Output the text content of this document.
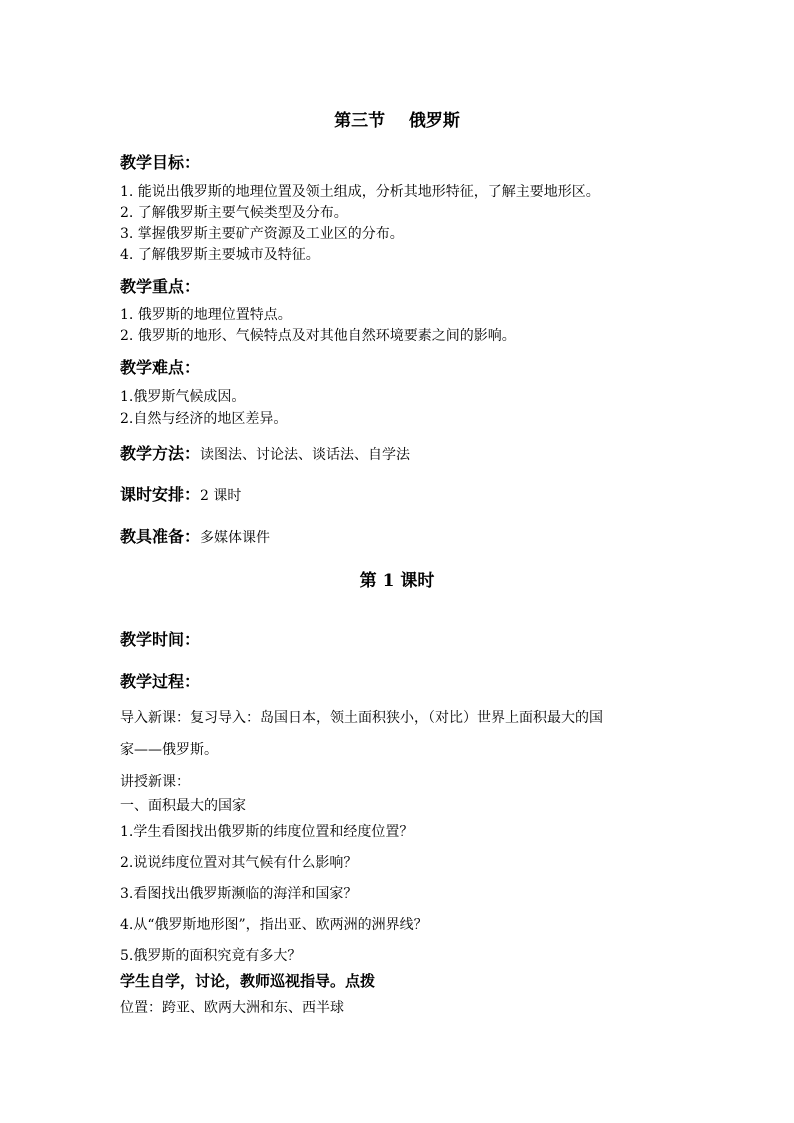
第三节 俄罗斯
教学目标：
1. 能说出俄罗斯的地理位置及领土组成，分析其地形特征，了解主要地形区。
2. 了解俄罗斯主要气候类型及分布。
3. 掌握俄罗斯主要矿产资源及工业区的分布。
4. 了解俄罗斯主要城市及特征。
教学重点：
1. 俄罗斯的地理位置特点。
2. 俄罗斯的地形、气候特点及对其他自然环境要素之间的影响。
教学难点：
1.俄罗斯气候成因。
2.自然与经济的地区差异。
教学方法：读图法、讨论法、谈话法、自学法
课时安排：2 课时
教具准备：多媒体课件
第 1 课时
教学时间：
教学过程：
导入新课：复习导入：岛国日本，领土面积狭小，（对比）世界上面积最大的国
家——俄罗斯。
讲授新课：
一、面积最大的国家
1.学生看图找出俄罗斯的纬度位置和经度位置？
2.说说纬度位置对其气候有什么影响？
3.看图找出俄罗斯濒临的海洋和国家？
4.从“俄罗斯地形图”，指出亚、欧两洲的洲界线？
5.俄罗斯的面积究竟有多大？
学生自学，讨论，教师巡视指导。点拨
位置：跨亚、欧两大洲和东、西半球
